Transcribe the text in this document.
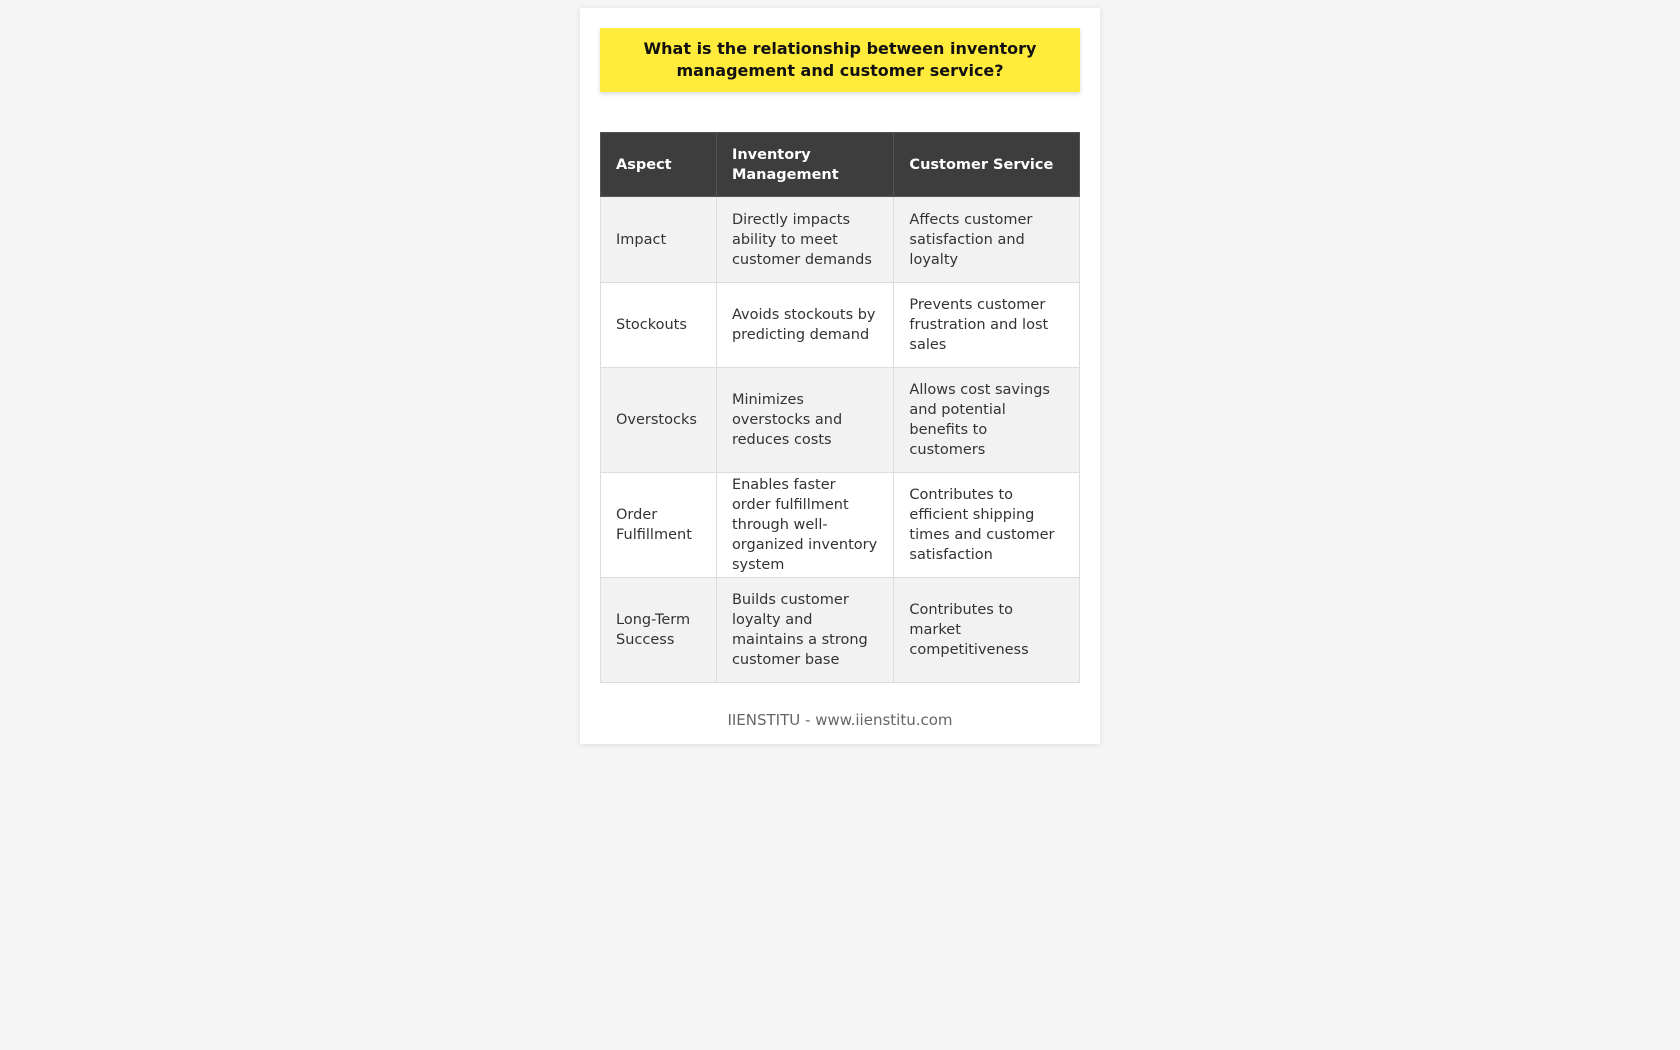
What is the relationship between inventory management and customer service?
Aspect	Inventory Management	Customer Service
Impact	Directly impacts ability to meet customer demands	Affects customer satisfaction and loyalty
Stockouts	Avoids stockouts by predicting demand	Prevents customer frustration and lost sales
Overstocks	Minimizes overstocks and reduces costs	Allows cost savings and potential benefits to customers
Order Fulfillment	Enables faster order fulfillment through well-organized inventory system	Contributes to efficient shipping times and customer satisfaction
Long-Term Success	Builds customer loyalty and maintains a strong customer base	Contributes to market competitiveness
IIENSTITU - www.iienstitu.com
